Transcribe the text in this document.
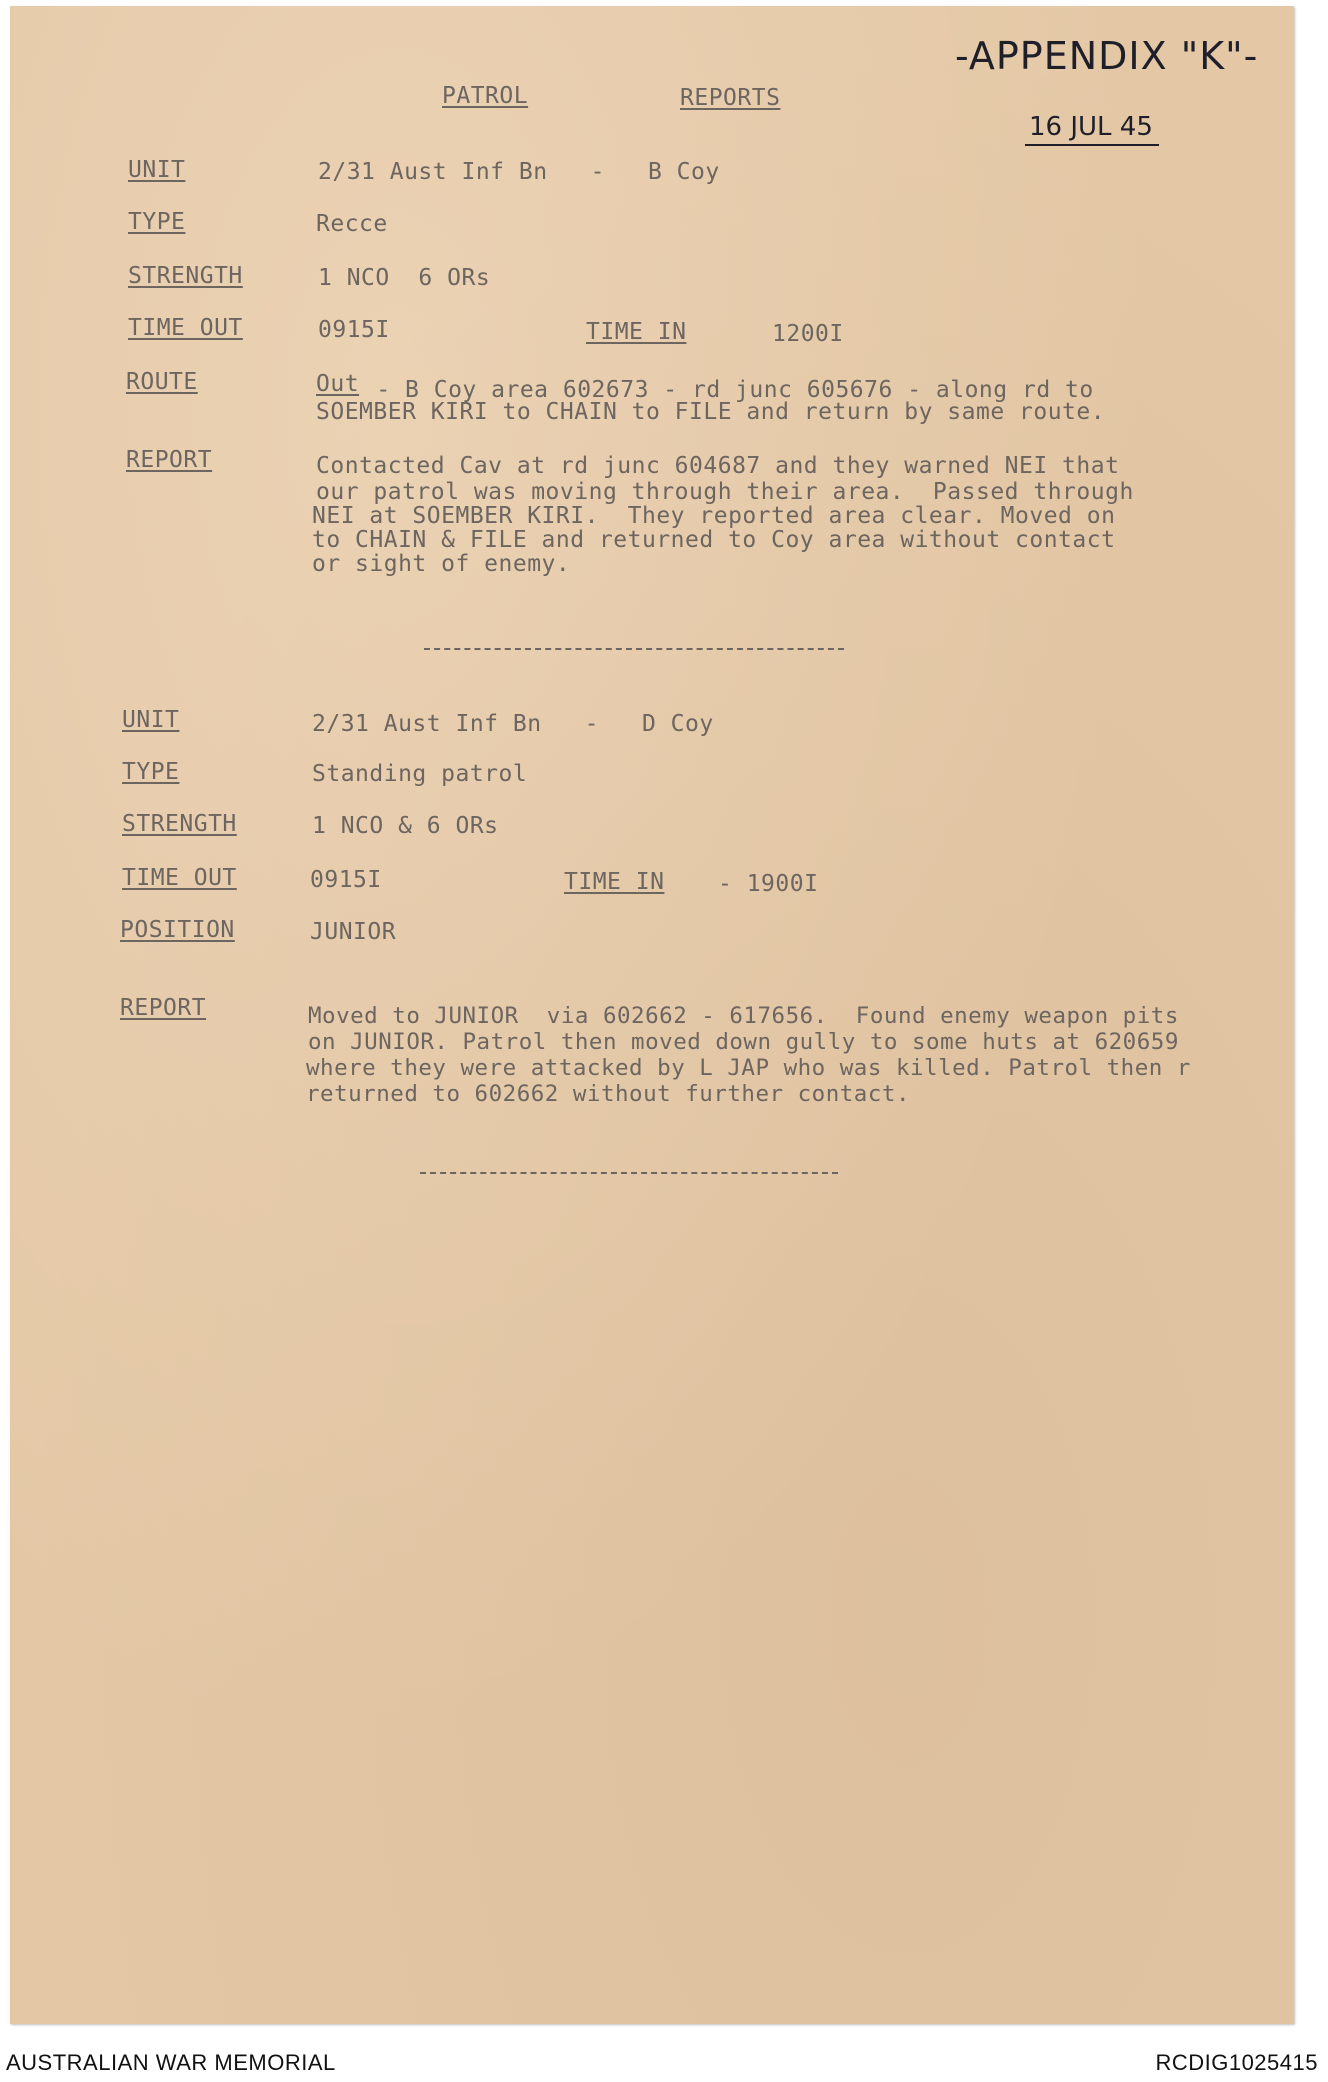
PATROL	REPORTS
-APPENDIX "K"-
16 JUL 45
UNIT	2/31 Aust Inf Bn   -   B Coy
TYPE	Recce
STRENGTH	1 NCO  6 ORs
TIME OUT	0915I	TIME IN	1200I
ROUTE	Out - B Coy area 602673 - rd junc 605676 - along rd to
SOEMBER KIRI to CHAIN to FILE and return by same route.
REPORT	Contacted Cav at rd junc 604687 and they warned NEI that
our patrol was moving through their area.  Passed through
NEI at SOEMBER KIRI.  They reported area clear. Moved on
to CHAIN & FILE and returned to Coy area without contact
or sight of enemy.
UNIT	2/31 Aust Inf Bn   -   D Coy
TYPE	Standing patrol
STRENGTH	1 NCO & 6 ORs
TIME OUT	0915I	TIME IN - 1900I
POSITION	JUNIOR
REPORT	Moved to JUNIOR  via 602662 - 617656.  Found enemy weapon pits
on JUNIOR. Patrol then moved down gully to some huts at 620659
where they were attacked by L JAP who was killed. Patrol then r
returned to 602662 without further contact.
AUSTRALIAN WAR MEMORIAL	RCDIG1025415
